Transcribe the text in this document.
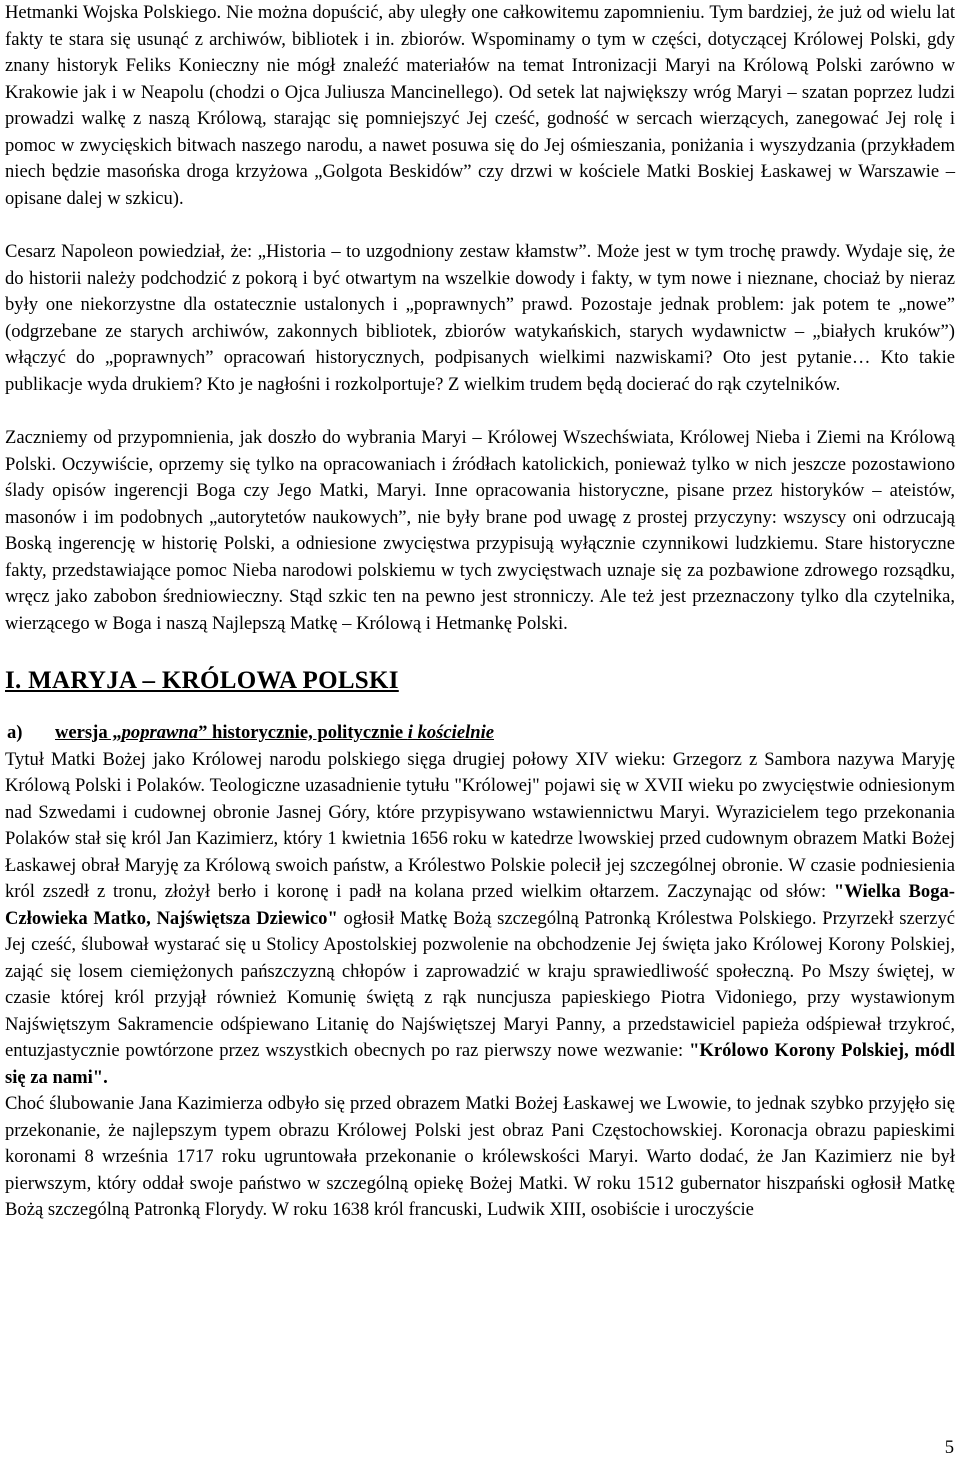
Hetmanki Wojska Polskiego. Nie można dopuścić, aby uległy one całkowitemu zapomnieniu. Tym bardziej, że już od wielu lat fakty te stara się usunąć z archiwów, bibliotek i in. zbiorów. Wspominamy o tym w części, dotyczącej Królowej Polski, gdy znany historyk Feliks Konieczny nie mógł znaleźć materiałów na temat Intronizacji Maryi na Królową Polski zarówno w Krakowie jak i w Neapolu (chodzi o Ojca Juliusza Mancinellego). Od setek lat największy wróg Maryi – szatan poprzez ludzi prowadzi walkę z naszą Królową, starając się pomniejszyć Jej cześć, godność w sercach wierzących, zanegować Jej rolę i pomoc w zwycięskich bitwach naszego narodu, a nawet posuwa się do Jej ośmieszania, poniżania i wyszydzania (przykładem niech będzie masońska droga krzyżowa „Golgota Beskidów” czy drzwi w kościele Matki Boskiej Łaskawej w Warszawie – opisane dalej w szkicu).

Cesarz Napoleon powiedział, że: „Historia – to uzgodniony zestaw kłamstw”. Może jest w tym trochę prawdy. Wydaje się, że do historii należy podchodzić z pokorą i być otwartym na wszelkie dowody i fakty, w tym nowe i nieznane, chociaż by nieraz były one niekorzystne dla ostatecznie ustalonych i „poprawnych” prawd. Pozostaje jednak problem: jak potem te „nowe” (odgrzebane ze starych archiwów, zakonnych bibliotek, zbiorów watykańskich, starych wydawnictw – „białych kruków”) włączyć do „poprawnych” opracowań historycznych, podpisanych wielkimi nazwiskami? Oto jest pytanie… Kto takie publikacje wyda drukiem? Kto je nagłośni i rozkolportuje? Z wielkim trudem będą docierać do rąk czytelników.

Zaczniemy od przypomnienia, jak doszło do wybrania Maryi – Królowej Wszechświata, Królowej Nieba i Ziemi na Królową Polski. Oczywiście, oprzemy się tylko na opracowaniach i źródłach katolickich, ponieważ tylko w nich jeszcze pozostawiono ślady opisów ingerencji Boga czy Jego Matki, Maryi. Inne opracowania historyczne, pisane przez historyków – ateistów, masonów i im podobnych „autorytetów naukowych”, nie były brane pod uwagę z prostej przyczyny: wszyscy oni odrzucają Boską ingerencję w historię Polski, a odniesione zwycięstwa przypisują wyłącznie czynnikowi ludzkiemu. Stare historyczne fakty, przedstawiające pomoc Nieba narodowi polskiemu w tych zwycięstwach uznaje się za pozbawione zdrowego rozsądku, wręcz jako zabobon średniowieczny. Stąd szkic ten na pewno jest stronniczy. Ale też jest przeznaczony tylko dla czytelnika, wierzącego w Boga i naszą Najlepszą Matkę – Królową i Hetmankę Polski.

I. MARYJA – KRÓLOWA POLSKI
a) wersja „poprawna” historycznie, politycznie i kościelnie

Tytuł Matki Bożej jako Królowej narodu polskiego sięga drugiej połowy XIV wieku: Grzegorz z Sambora nazywa Maryję Królową Polski i Polaków. Teologiczne uzasadnienie tytułu "Królowej" pojawi się w XVII wieku po zwycięstwie odniesionym nad Szwedami i cudownej obronie Jasnej Góry, które przypisywano wstawiennictwu Maryi. Wyrazicielem tego przekonania Polaków stał się król Jan Kazimierz, który 1 kwietnia 1656 roku w katedrze lwowskiej przed cudownym obrazem Matki Bożej Łaskawej obrał Maryję za Królową swoich państw, a Królestwo Polskie polecił jej szczególnej obronie. W czasie podniesienia król zszedł z tronu, złożył berło i koronę i padł na kolana przed wielkim ołtarzem. Zaczynając od słów: "Wielka Boga-Człowieka Matko, Najświętsza Dziewico" ogłosił Matkę Bożą szczególną Patronką Królestwa Polskiego. Przyrzekł szerzyć Jej cześć, ślubował wystarać się u Stolicy Apostolskiej pozwolenie na obchodzenie Jej święta jako Królowej Korony Polskiej, zająć się losem ciemiężonych pańszczyzną chłopów i zaprowadzić w kraju sprawiedliwość społeczną. Po Mszy świętej, w czasie której król przyjął również Komunię świętą z rąk nuncjusza papieskiego Piotra Vidoniego, przy wystawionym Najświętszym Sakramencie odśpiewano Litanię do Najświętszej Maryi Panny, a przedstawiciel papieża odśpiewał trzykroć, entuzjastycznie powtórzone przez wszystkich obecnych po raz pierwszy nowe wezwanie: "Królowo Korony Polskiej, módl się za nami".

Choć ślubowanie Jana Kazimierza odbyło się przed obrazem Matki Bożej Łaskawej we Lwowie, to jednak szybko przyjęło się przekonanie, że najlepszym typem obrazu Królowej Polski jest obraz Pani Częstochowskiej. Koronacja obrazu papieskimi koronami 8 września 1717 roku ugruntowała przekonanie o królewskości Maryi. Warto dodać, że Jan Kazimierz nie był pierwszym, który oddał swoje państwo w szczególną opiekę Bożej Matki. W roku 1512 gubernator hiszpański ogłosił Matkę Bożą szczególną Patronką Florydy. W roku 1638 król francuski, Ludwik XIII, osobiście i uroczyście

5
